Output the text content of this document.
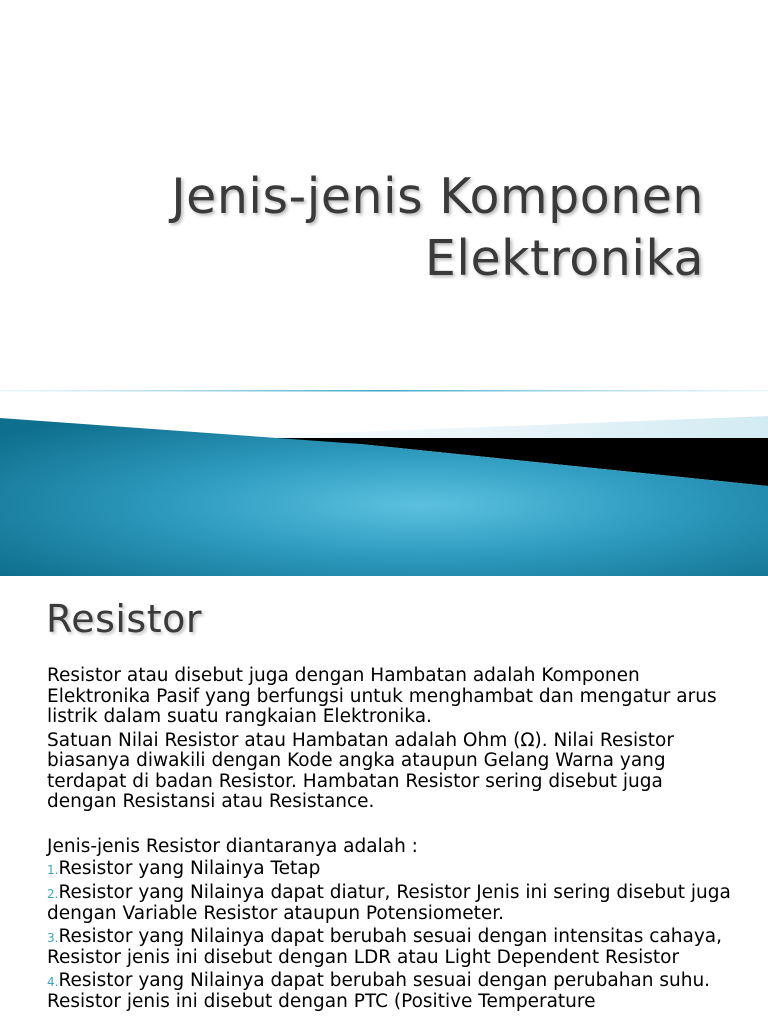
Jenis-jenis Komponen
Elektronika
Resistor

Resistor atau disebut juga dengan Hambatan adalah Komponen Elektronika Pasif yang berfungsi untuk menghambat dan mengatur arus listrik dalam suatu rangkaian Elektronika.

Satuan Nilai Resistor atau Hambatan adalah Ohm (Ω). Nilai Resistor biasanya diwakili dengan Kode angka ataupun Gelang Warna yang terdapat di badan Resistor. Hambatan Resistor sering disebut juga dengan Resistansi atau Resistance.

Jenis-jenis Resistor diantaranya adalah :

1.Resistor yang Nilainya Tetap

2.Resistor yang Nilainya dapat diatur, Resistor Jenis ini sering disebut juga dengan Variable Resistor ataupun Potensiometer.

3.Resistor yang Nilainya dapat berubah sesuai dengan intensitas cahaya, Resistor jenis ini disebut dengan LDR atau Light Dependent Resistor

4.Resistor yang Nilainya dapat berubah sesuai dengan perubahan suhu. Resistor jenis ini disebut dengan PTC (Positive Temperature
